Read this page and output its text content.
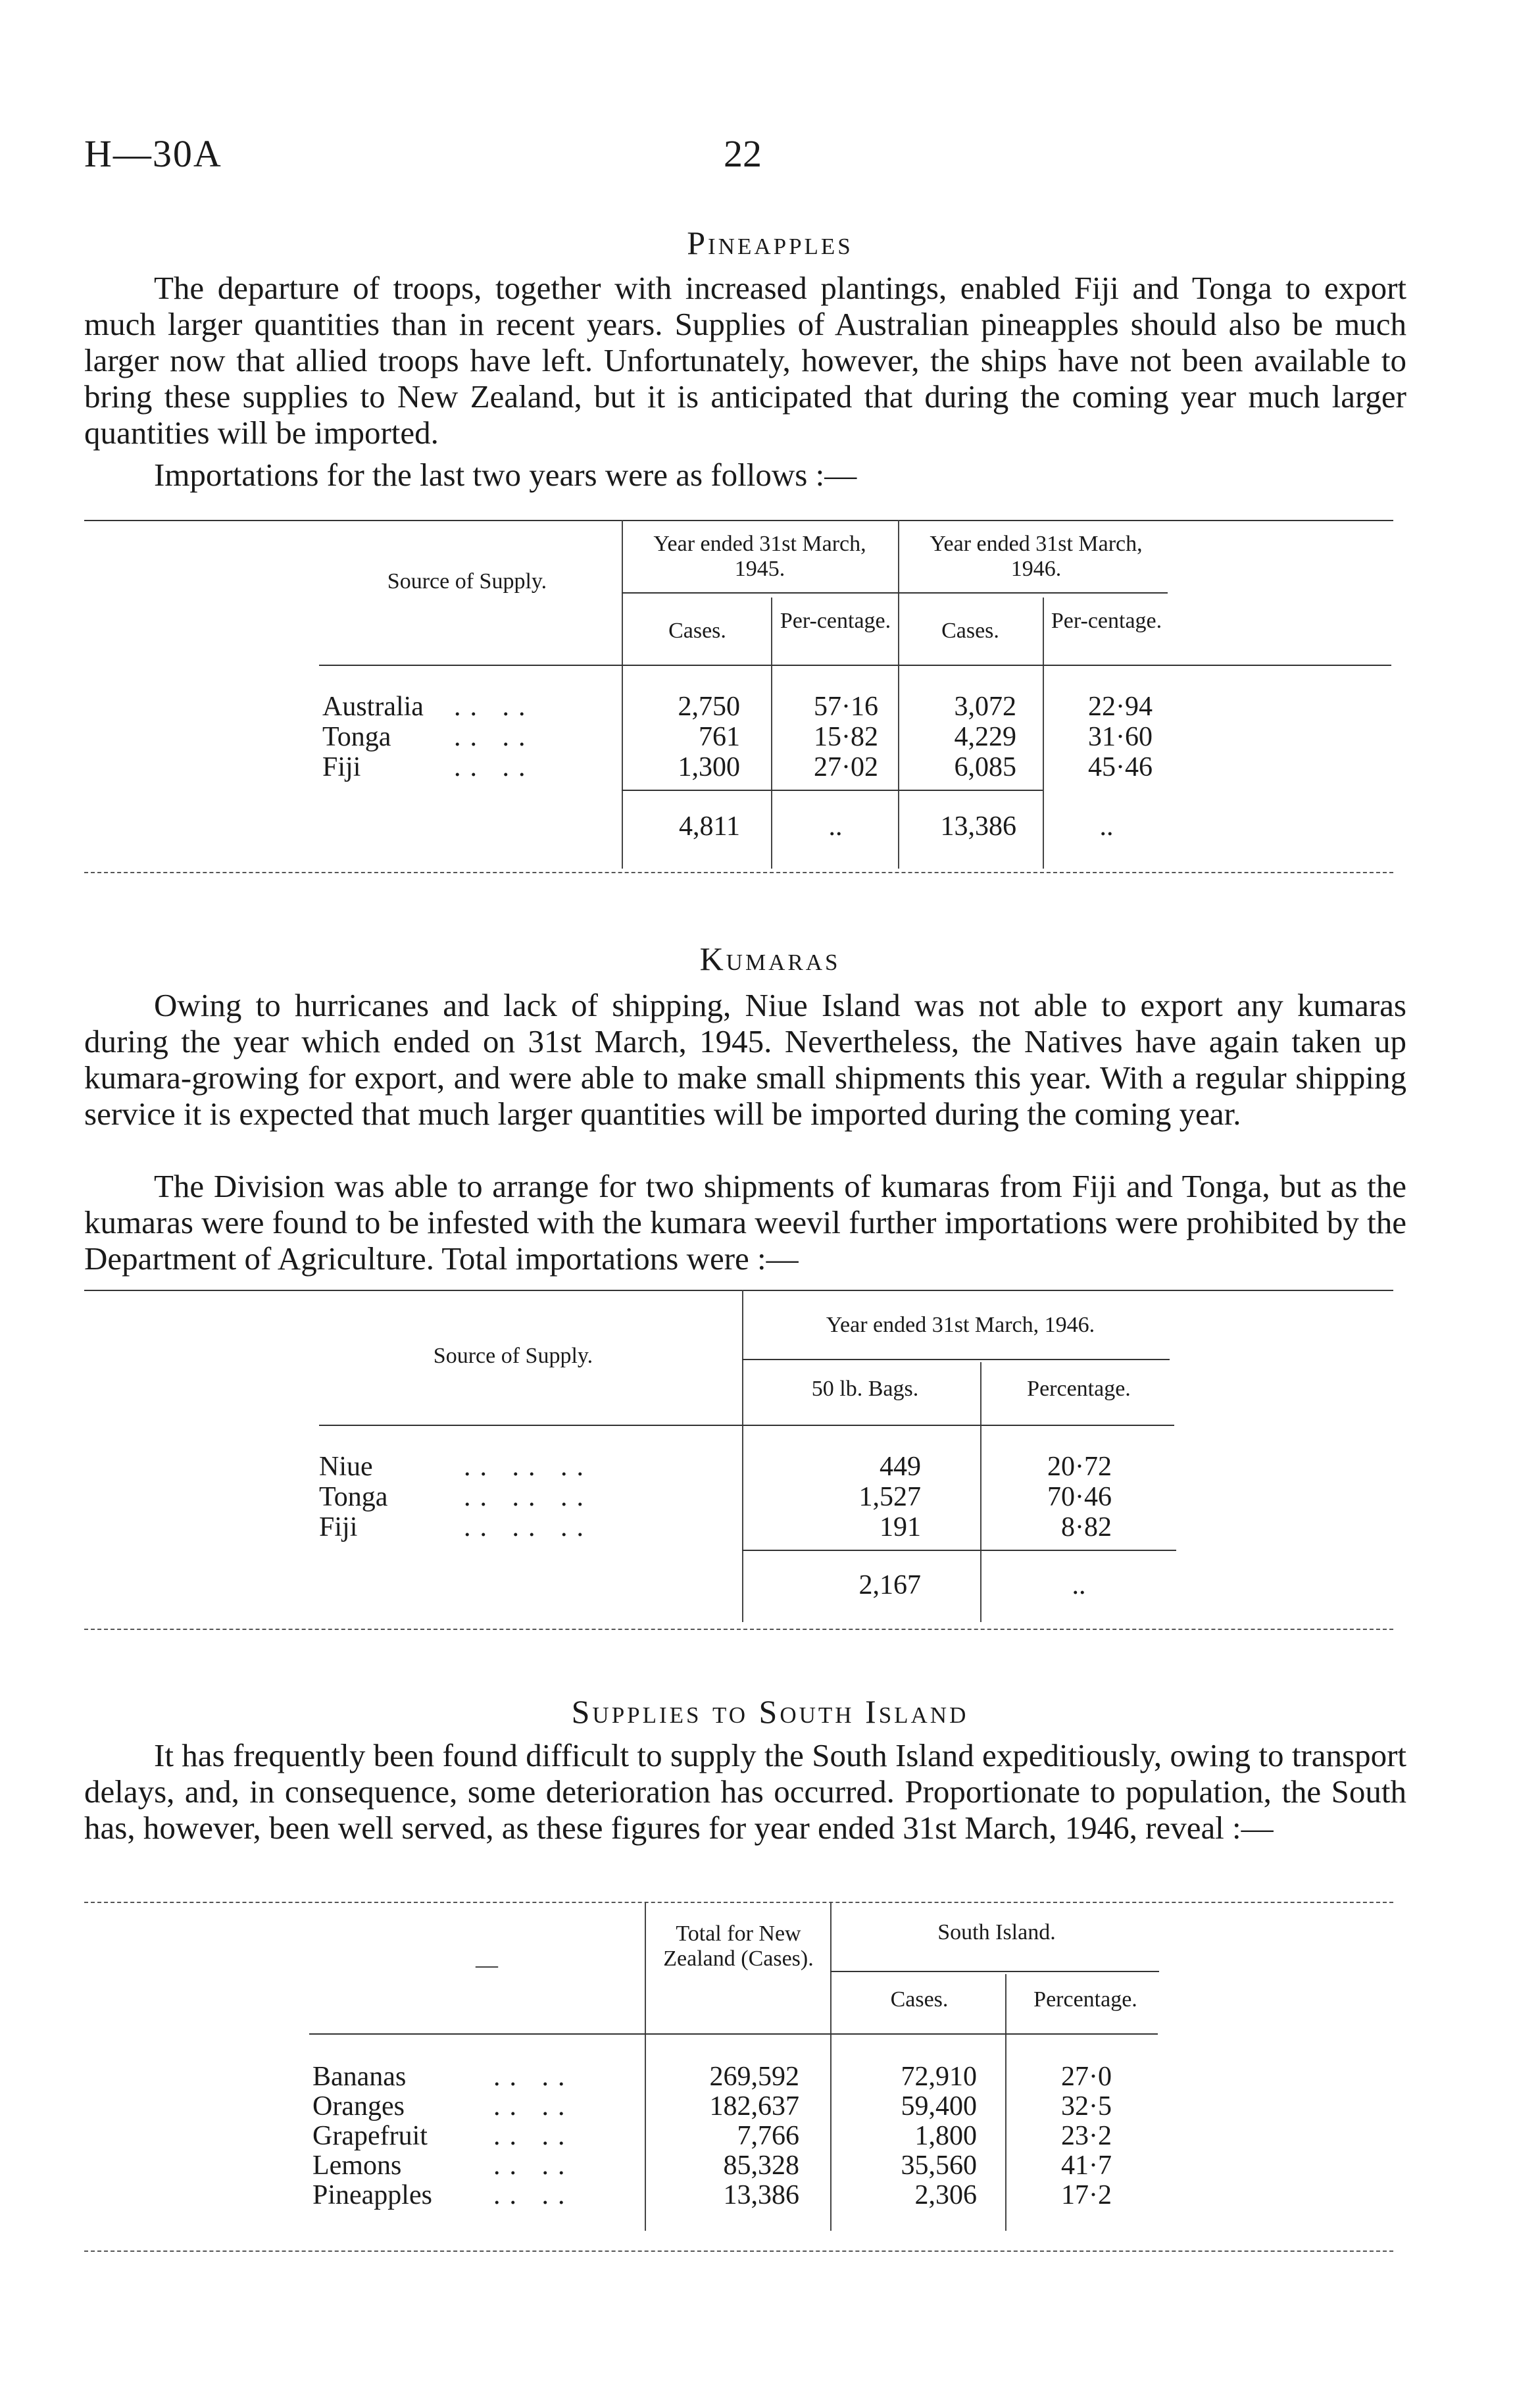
H—30A	22
Pineapples
The departure of troops, together with increased plantings, enabled Fiji and Tonga to export much larger quantities than in recent years. Supplies of Australian pineapples should also be much larger now that allied troops have left. Unfortunately, however, the ships have not been available to bring these supplies to New Zealand, but it is anticipated that during the coming year much larger quantities will be imported.
Importations for the last two years were as follows :—
Source of Supply.
Year ended 31st March, 1945.
Year ended 31st March, 1946.
Cases.	Per-centage.	Cases.	Per-centage.
Australia .. ..	2,750	57·16	3,072	22·94
Tonga .. ..	761	15·82	4,229	31·60
Fiji	.. ..	1,300	27·02	6,085	45·46
4,811	..	13,386	..
Kumaras
Owing to hurricanes and lack of shipping, Niue Island was not able to export any kumaras during the year which ended on 31st March, 1945. Nevertheless, the Natives have again taken up kumara-growing for export, and were able to make small shipments this year. With a regular shipping service it is expected that much larger quantities will be imported during the coming year.
The Division was able to arrange for two shipments of kumaras from Fiji and Tonga, but as the kumaras were found to be infested with the kumara weevil further importations were prohibited by the Department of Agriculture. Total importations were :—
Source of Supply.
Year ended 31st March, 1946.
50 lb. Bags.	Percentage.
Niue	.. .. ..	449	20·72
Tonga	.. .. ..	1,527	70·46
Fiji	.. .. ..	191	8·82
2,167	..
Supplies to South Island
It has frequently been found difficult to supply the South Island expeditiously, owing to transport delays, and, in consequence, some deterioration has occurred. Proportionate to population, the South has, however, been well served, as these figures for year ended 31st March, 1946, reveal :—
—
Total for New Zealand (Cases).
South Island.
Cases.	Percentage.
Bananas	.. ..	269,592	72,910	27·0
Oranges	.. ..	182,637	59,400	32·5
Grapefruit .. ..	7,766	1,800	23·2
Lemons	.. ..	85,328	35,560	41·7
Pineapples .. ..	13,386	2,306	17·2
